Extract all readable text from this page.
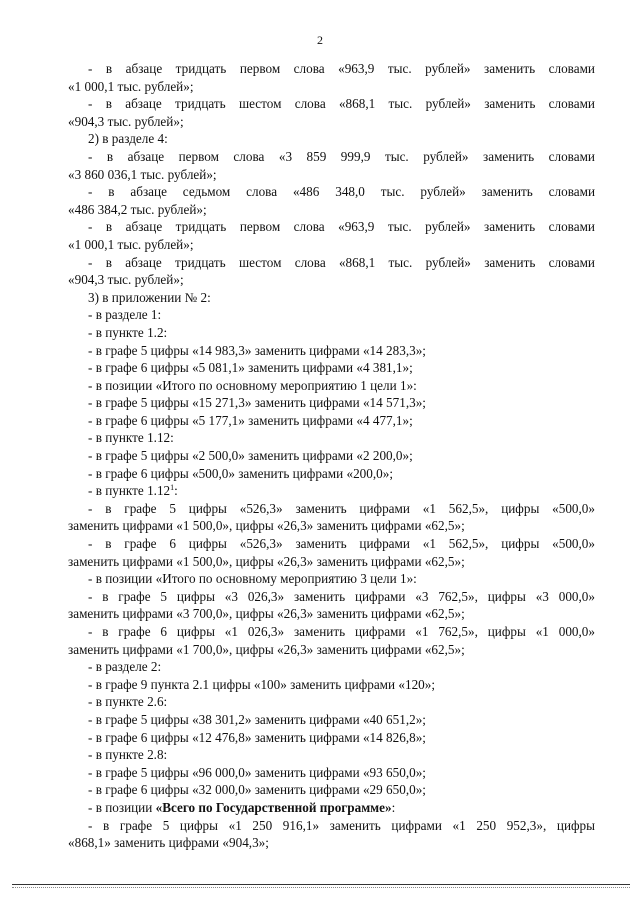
2

- в абзаце тридцать первом слова «963,9 тыс. рублей» заменить словами

«1 000,1 тыс. рублей»;

- в абзаце тридцать шестом слова «868,1 тыс. рублей» заменить словами

«904,3 тыс. рублей»;

2) в разделе 4:

- в абзаце первом слова «3 859 999,9 тыс. рублей» заменить словами

«3 860 036,1 тыс. рублей»;

- в абзаце седьмом слова «486 348,0 тыс. рублей» заменить словами

«486 384,2 тыс. рублей»;

- в абзаце тридцать первом слова «963,9 тыс. рублей» заменить словами

«1 000,1 тыс. рублей»;

- в абзаце тридцать шестом слова «868,1 тыс. рублей» заменить словами

«904,3 тыс. рублей»;

3) в приложении № 2:

- в разделе 1:

- в пункте 1.2:

- в графе 5 цифры «14 983,3» заменить цифрами «14 283,3»;

- в графе 6 цифры «5 081,1» заменить цифрами «4 381,1»;

- в позиции «Итого по основному мероприятию 1 цели 1»:

- в графе 5 цифры «15 271,3» заменить цифрами «14 571,3»;

- в графе 6 цифры «5 177,1» заменить цифрами «4 477,1»;

- в пункте 1.12:

- в графе 5 цифры «2 500,0» заменить цифрами «2 200,0»;

- в графе 6 цифры «500,0» заменить цифрами «200,0»;

- в пункте 1.12$^1$:

- в графе 5 цифры «526,3» заменить цифрами «1 562,5», цифры «500,0»

заменить цифрами «1 500,0», цифры «26,3» заменить цифрами «62,5»;

- в графе 6 цифры «526,3» заменить цифрами «1 562,5», цифры «500,0»

заменить цифрами «1 500,0», цифры «26,3» заменить цифрами «62,5»;

- в позиции «Итого по основному мероприятию 3 цели 1»:

- в графе 5 цифры «3 026,3» заменить цифрами «3 762,5», цифры «3 000,0»

заменить цифрами «3 700,0», цифры «26,3» заменить цифрами «62,5»;

- в графе 6 цифры «1 026,3» заменить цифрами «1 762,5», цифры «1 000,0»

заменить цифрами «1 700,0», цифры «26,3» заменить цифрами «62,5»;

- в разделе 2:

- в графе 9 пункта 2.1 цифры «100» заменить цифрами «120»;

- в пункте 2.6:

- в графе 5 цифры «38 301,2» заменить цифрами «40 651,2»;

- в графе 6 цифры «12 476,8» заменить цифрами «14 826,8»;

- в пункте 2.8:

- в графе 5 цифры «96 000,0» заменить цифрами «93 650,0»;

- в графе 6 цифры «32 000,0» заменить цифрами «29 650,0»;

- в позиции «Всего по Государственной программе»:

- в графе 5 цифры «1 250 916,1» заменить цифрами «1 250 952,3», цифры

«868,1» заменить цифрами «904,3»;
